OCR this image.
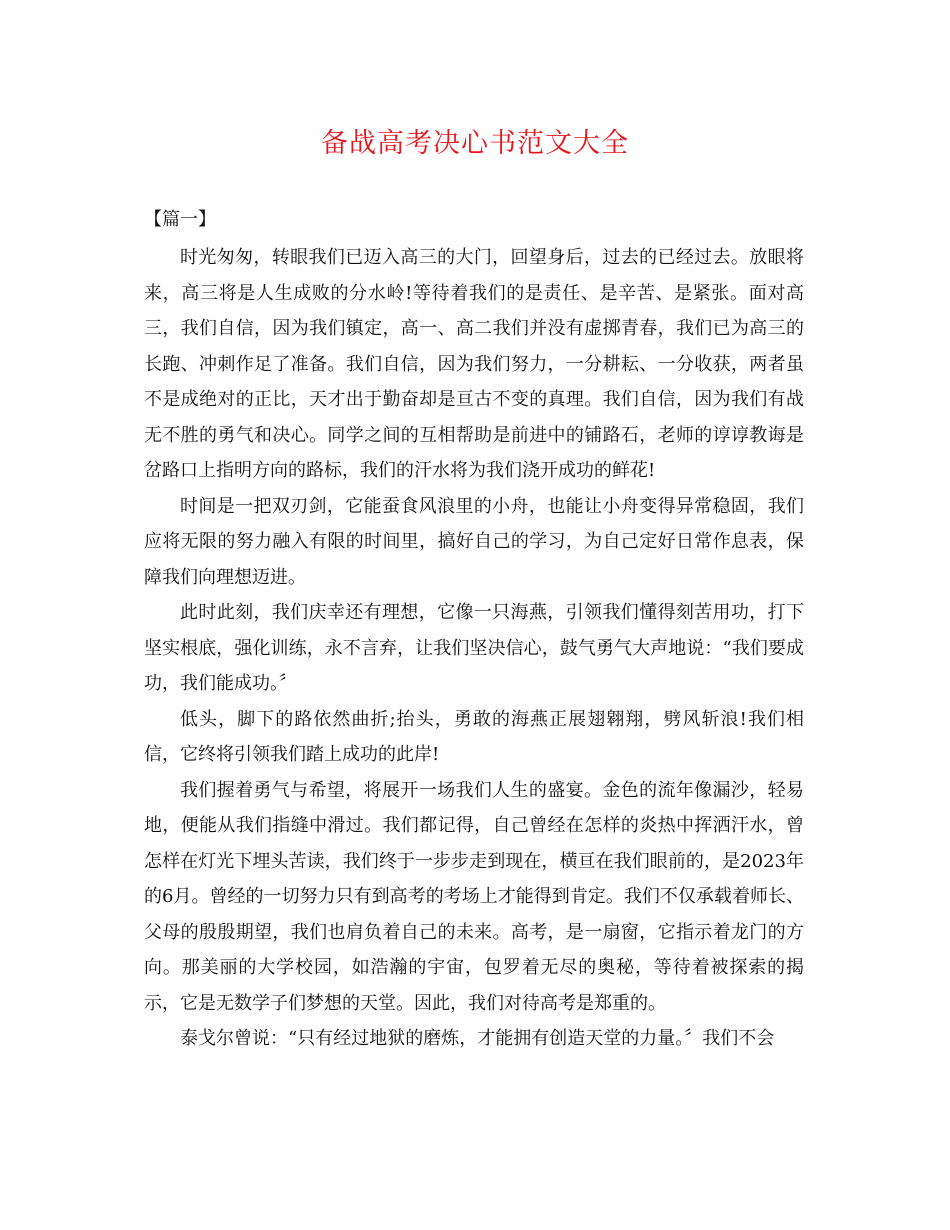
备战高考决心书范文大全
【篇一】

时光匆匆，转眼我们已迈入高三的大门，回望身后，过去的已经过去。放眼将来，高三将是人生成败的分水岭!等待着我们的是责任、是辛苦、是紧张。面对高三，我们自信，因为我们镇定，高一、高二我们并没有虚掷青春，我们已为高三的长跑、冲刺作足了准备。我们自信，因为我们努力，一分耕耘、一分收获，两者虽不是成绝对的正比，天才出于勤奋却是亘古不变的真理。我们自信，因为我们有战无不胜的勇气和决心。同学之间的互相帮助是前进中的铺路石，老师的谆谆教诲是岔路口上指明方向的路标，我们的汗水将为我们浇开成功的鲜花!

时间是一把双刃剑，它能蚕食风浪里的小舟，也能让小舟变得异常稳固，我们应将无限的努力融入有限的时间里，搞好自己的学习，为自己定好日常作息表，保障我们向理想迈进。

此时此刻，我们庆幸还有理想，它像一只海燕，引领我们懂得刻苦用功，打下坚实根底，强化训练，永不言弃，让我们坚决信心，鼓气勇气大声地说：“我们要成功，我们能成功。〞

低头，脚下的路依然曲折;抬头，勇敢的海燕正展翅翱翔，劈风斩浪!我们相信，它终将引领我们踏上成功的此岸!

我们握着勇气与希望，将展开一场我们人生的盛宴。金色的流年像漏沙，轻易地，便能从我们指缝中滑过。我们都记得，自己曾经在怎样的炎热中挥洒汗水，曾怎样在灯光下埋头苦读，我们终于一步步走到现在，横亘在我们眼前的，是2023年的6月。曾经的一切努力只有到高考的考场上才能得到肯定。我们不仅承载着师长、父母的殷殷期望，我们也肩负着自己的未来。高考，是一扇窗，它指示着龙门的方向。那美丽的大学校园，如浩瀚的宇宙，包罗着无尽的奥秘，等待着被探索的揭示，它是无数学子们梦想的天堂。因此，我们对待高考是郑重的。

泰戈尔曾说：“只有经过地狱的磨炼，才能拥有创造天堂的力量。〞我们不会
